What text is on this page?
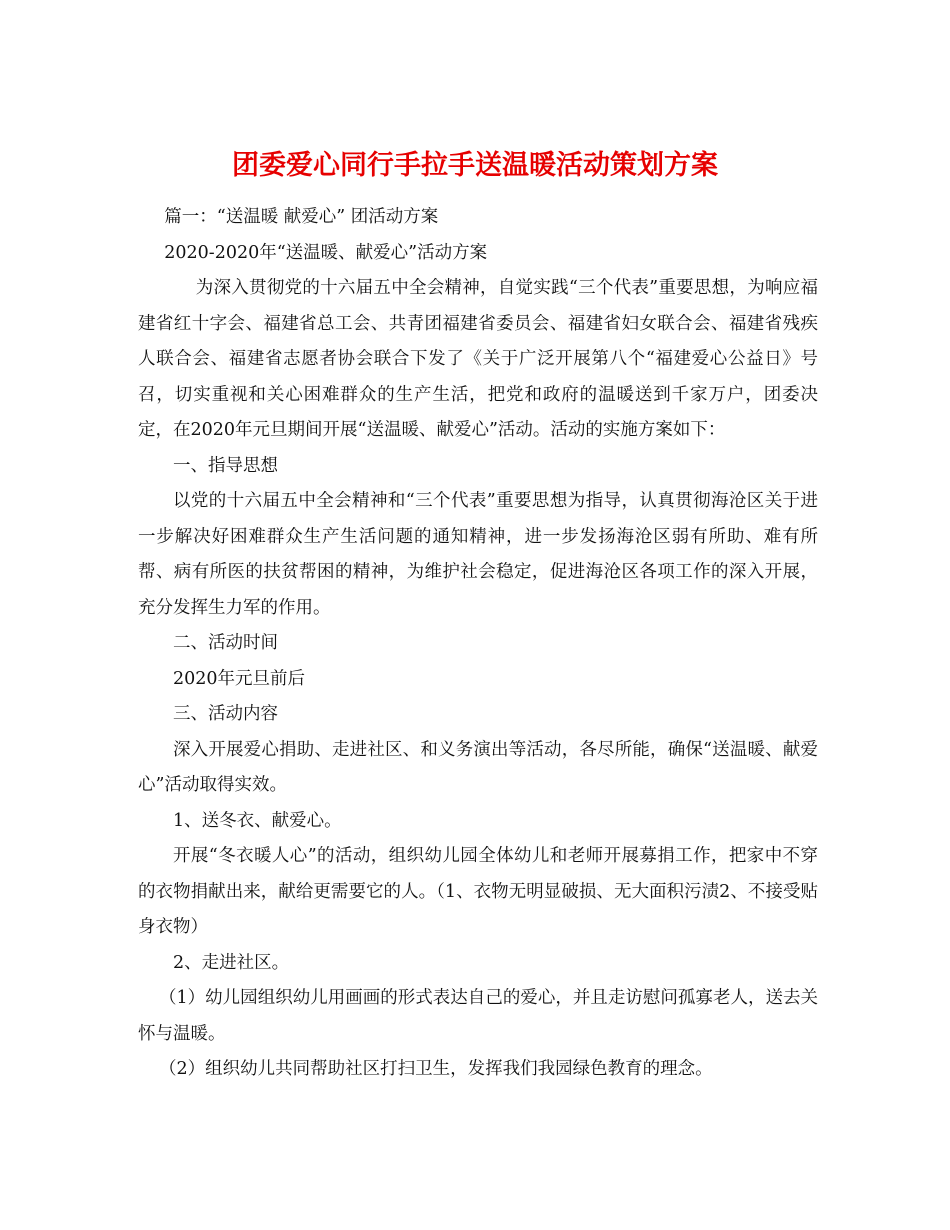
团委爱心同行手拉手送温暖活动策划方案

篇一：“送温暖 献爱心” 团活动方案

2020-2020年“送温暖、献爱心”活动方案

为深入贯彻党的十六届五中全会精神，自觉实践“三个代表”重要思想，为响应福建省红十字会、福建省总工会、共青团福建省委员会、福建省妇女联合会、福建省残疾人联合会、福建省志愿者协会联合下发了《关于广泛开展第八个“福建爱心公益日》号召，切实重视和关心困难群众的生产生活，把党和政府的温暖送到千家万户，团委决定，在2020年元旦期间开展“送温暖、献爱心”活动。活动的实施方案如下：

一、指导思想

以党的十六届五中全会精神和“三个代表”重要思想为指导，认真贯彻海沧区关于进一步解决好困难群众生产生活问题的通知精神，进一步发扬海沧区弱有所助、难有所帮、病有所医的扶贫帮困的精神，为维护社会稳定，促进海沧区各项工作的深入开展，充分发挥生力军的作用。

二、活动时间

2020年元旦前后

三、活动内容

深入开展爱心捐助、走进社区、和义务演出等活动，各尽所能，确保“送温暖、献爱心”活动取得实效。

1、送冬衣、献爱心。

开展“冬衣暖人心”的活动，组织幼儿园全体幼儿和老师开展募捐工作，把家中不穿的衣物捐献出来，献给更需要它的人。（1、衣物无明显破损、无大面积污渍2、不接受贴身衣物）

2、走进社区。

（1）幼儿园组织幼儿用画画的形式表达自己的爱心，并且走访慰问孤寡老人，送去关怀与温暖。

（2）组织幼儿共同帮助社区打扫卫生，发挥我们我园绿色教育的理念。
